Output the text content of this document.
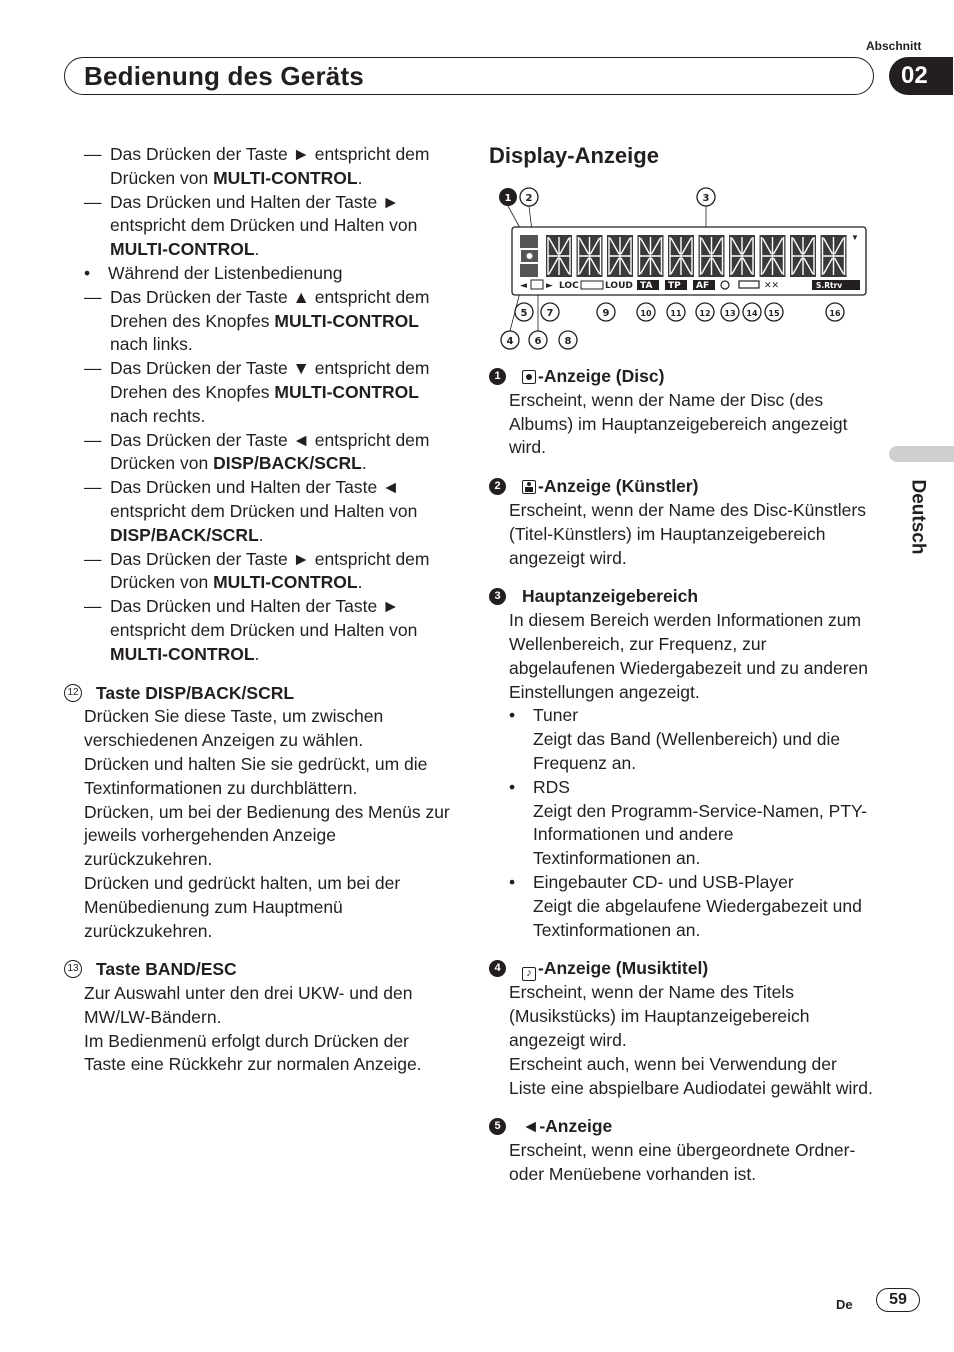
Abschnitt
Bedienung des Geräts	02
Deutsch

— Das Drücken der Taste ► entspricht dem Drücken von MULTI-CONTROL.

— Das Drücken und Halten der Taste ► entspricht dem Drücken und Halten von MULTI-CONTROL.

• Während der Listenbedienung

— Das Drücken der Taste ▲ entspricht dem Drehen des Knopfes MULTI-CONTROL nach links.

— Das Drücken der Taste ▼ entspricht dem Drehen des Knopfes MULTI-CONTROL nach rechts.

— Das Drücken der Taste ◄ entspricht dem Drücken von DISP/BACK/SCRL.

— Das Drücken und Halten der Taste ◄ entspricht dem Drücken und Halten von DISP/BACK/SCRL.

— Das Drücken der Taste ► entspricht dem Drücken von MULTI-CONTROL.

— Das Drücken und Halten der Taste ► entspricht dem Drücken und Halten von MULTI-CONTROL.

12 Taste DISP/BACK/SCRL

Drücken Sie diese Taste, um zwischen verschiedenen Anzeigen zu wählen.

Drücken und halten Sie sie gedrückt, um die Textinformationen zu durchblättern.

Drücken, um bei der Bedienung des Menüs zur jeweils vorhergehenden Anzeige zurückzukehren.

Drücken und gedrückt halten, um bei der Menübedienung zum Hauptmenü zurückzukehren.

13 Taste BAND/ESC

Zur Auswahl unter den drei UKW- und den MW/LW-Bändern.

Im Bedienmenü erfolgt durch Drücken der Taste eine Rückkehr zur normalen Anzeige.

Display-Anzeige
1 2	3
4
5
6
7
8
9	10 11 12 13 14 15	16
▼
◄ ► LOC	LOUD TA TP AF	✕✕	S.Rtrv

1	-Anzeige (Disc)

Erscheint, wenn der Name der Disc (des Albums) im Hauptanzeigebereich angezeigt wird.

2	-Anzeige (Künstler)

Erscheint, wenn der Name des Disc-Künstlers (Titel-Künstlers) im Hauptanzeigebereich angezeigt wird.

3	Hauptanzeigebereich

In diesem Bereich werden Informationen zum Wellenbereich, zur Frequenz, zur abgelaufenen Wiedergabezeit und zu anderen Einstellungen angezeigt.

• Tuner
Zeigt das Band (Wellenbereich) und die Frequenz an.

• RDS
Zeigt den Programm-Service-Namen, PTY-Informationen und andere Textinformationen an.

• Eingebauter CD- und USB-Player
Zeigt die abgelaufene Wiedergabezeit und Textinformationen an.

4	♪ -Anzeige (Musiktitel)

Erscheint, wenn der Name des Titels (Musikstücks) im Hauptanzeigebereich angezeigt wird.

Erscheint auch, wenn bei Verwendung der Liste eine abspielbare Audiodatei gewählt wird.

5	◄-Anzeige

Erscheint, wenn eine übergeordnete Ordner- oder Menüebene vorhanden ist.

De	59
